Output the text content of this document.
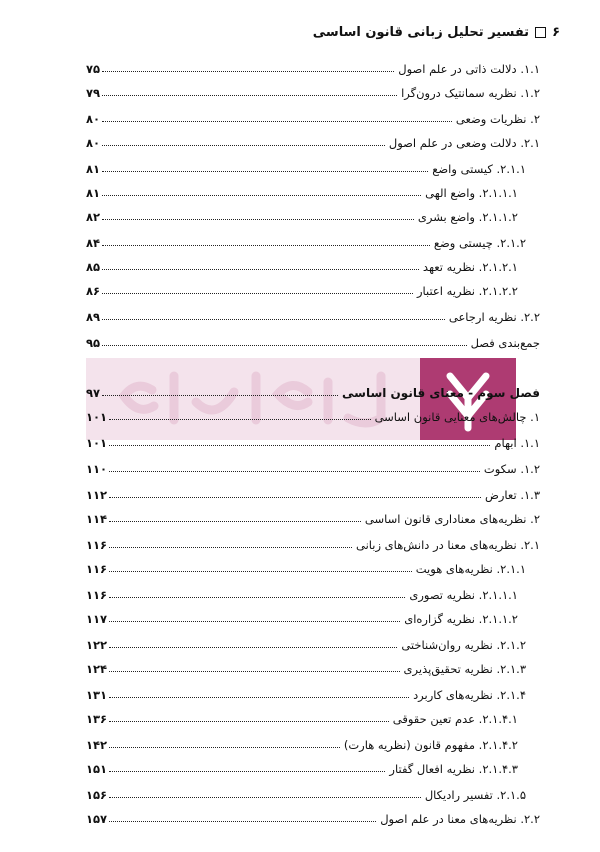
۶
تفسیر تحلیل زبانی قانون اساسی
۱.۱. دلالت ذاتی در علم اصول
۷۵
۱.۲. نظریه سمانتیک درون‌گرا
۷۹
۲. نظریات وضعی
۸۰
۲.۱. دلالت وضعی در علم اصول
۸۰
۲.۱.۱. کیستی واضع
۸۱
۲.۱.۱.۱. واضع الهی
۸۱
۲.۱.۱.۲. واضع بشری
۸۲
۲.۱.۲. چیستی وضع
۸۴
۲.۱.۲.۱. نظریه تعهد
۸۵
۲.۱.۲.۲. نظریه اعتبار
۸۶
۲.۲. نظریه ارجاعی
۸۹
جمع‌بندی فصل
۹۵
فصل سوم - معنای قانون اساسی
۹۷
۱. چالش‌های معنایی قانون اساسی
۱۰۱
۱.۱. ابهام
۱۰۱
۱.۲. سکوت
۱۱۰
۱.۳. تعارض
۱۱۲
۲. نظریه‌های معناداری قانون اساسی
۱۱۴
۲.۱. نظریه‌های معنا در دانش‌های زبانی
۱۱۶
۲.۱.۱. نظریه‌های هویت
۱۱۶
۲.۱.۱.۱. نظریه تصوری
۱۱۶
۲.۱.۱.۲. نظریه گزاره‌ای
۱۱۷
۲.۱.۲. نظریه روان‌شناختی
۱۲۲
۲.۱.۳. نظریه تحقیق‌پذیری
۱۲۴
۲.۱.۴. نظریه‌های کاربرد
۱۳۱
۲.۱.۴.۱. عدم تعین حقوقی
۱۳۶
۲.۱.۴.۲. مفهوم قانون (نظریه هارت)
۱۴۲
۲.۱.۴.۳. نظریه افعال گفتار
۱۵۱
۲.۱.۵. تفسیر رادیکال
۱۵۶
۲.۲. نظریه‌های معنا در علم اصول
۱۵۷
